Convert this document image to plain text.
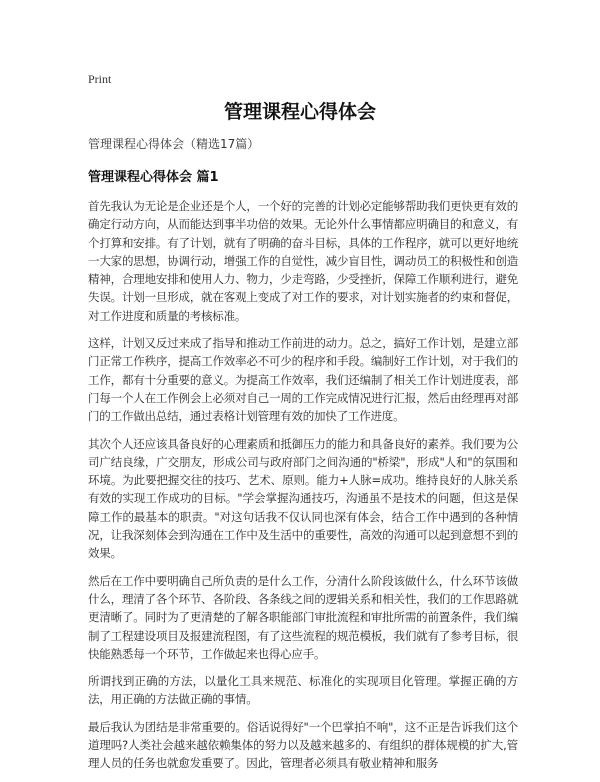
Print
管理课程心得体会

管理课程心得体会（精选17篇）

管理课程心得体会 篇1

首先我认为无论是企业还是个人，一个好的完善的计划必定能够帮助我们更快更有效的确定行动方向，从而能达到事半功倍的效果。无论外什么事情都应明确目的和意义，有个打算和安排。有了计划，就有了明确的奋斗目标，具体的工作程序，就可以更好地统一大家的思想，协调行动，增强工作的自觉性，减少盲目性，调动员工的积极性和创造精神，合理地安排和使用人力、物力，少走弯路，少受挫折，保障工作顺利进行，避免失误。计划一旦形成，就在客观上变成了对工作的要求，对计划实施者的约束和督促，对工作进度和质量的考核标准。

这样，计划又反过来成了指导和推动工作前进的动力。总之，搞好工作计划，是建立部门正常工作秩序，提高工作效率必不可少的程序和手段。编制好工作计划，对于我们的工作，都有十分重要的意义。为提高工作效率，我们还编制了相关工作计划进度表，部门每一个人在工作例会上必须对自己一周的工作完成情况进行汇报，然后由经理再对部门的工作做出总结，通过表格计划管理有效的加快了工作进度。

其次个人还应该具备良好的心理素质和抵御压力的能力和具备良好的素养。我们要为公司广结良缘，广交朋友，形成公司与政府部门之间沟通的"桥梁"，形成"人和"的氛围和环境。为此要把握交往的技巧、艺术、原则。能力+人脉=成功。维持良好的人脉关系有效的实现工作成功的目标。"学会掌握沟通技巧，沟通虽不是技术的问题，但这是保障工作的最基本的职责。"对这句话我不仅认同也深有体会，结合工作中遇到的各种情况，让我深刻体会到沟通在工作中及生活中的重要性，高效的沟通可以起到意想不到的效果。

然后在工作中要明确自己所负责的是什么工作，分清什么阶段该做什么，什么环节该做什么，理清了各个环节、各阶段、各条线之间的逻辑关系和相关性，我们的工作思路就更清晰了。同时为了更清楚的了解各职能部门审批流程和审批所需的前置条件，我们编制了工程建设项目及报建流程图，有了这些流程的规范模板，我们就有了参考目标，很快能熟悉每一个环节，工作做起来也得心应手。

所谓找到正确的方法，以量化工具来规范、标准化的实现项目化管理。掌握正确的方法，用正确的方法做正确的事情。

最后我认为团结是非常重要的。俗话说得好"一个巴掌拍不响"，这不正是告诉我们这个道理吗?人类社会越来越依赖集体的努力以及越来越多的、有组织的群体规模的扩大,管理人员的任务也就愈发重要了。因此，管理者必须具有敬业精神和服务
